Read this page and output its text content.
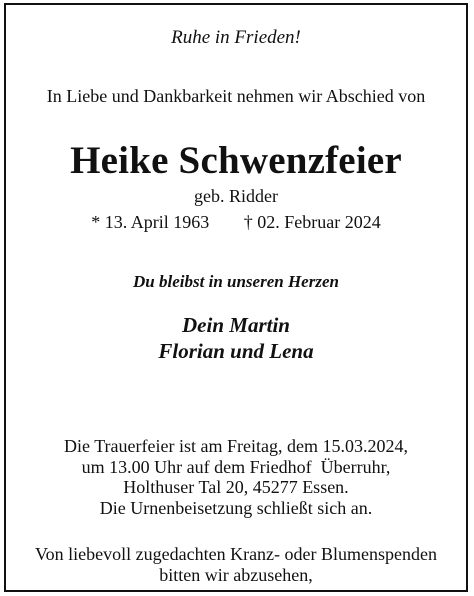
Ruhe in Frieden!
In Liebe und Dankbarkeit nehmen wir Abschied von
Heike Schwenzfeier
geb. Ridder
* 13. April 1963 † 02. Februar 2024
Du bleibst in unseren Herzen
Dein Martin
Florian und Lena
Die Trauerfeier ist am Freitag, dem 15.03.2024,
um 13.00 Uhr auf dem Friedhof  Überruhr,
Holthuser Tal 20, 45277 Essen.
Die Urnenbeisetzung schließt sich an.
Von liebevoll zugedachten Kranz- oder Blumenspenden
bitten wir abzusehen,
